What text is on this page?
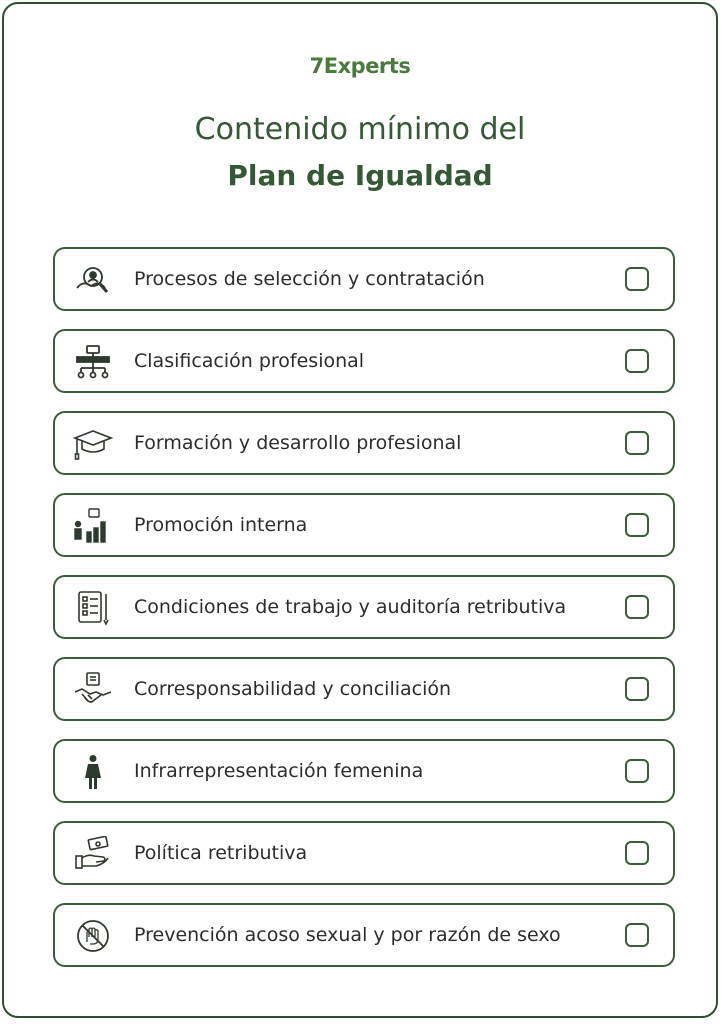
7Experts
Contenido mínimo del
Plan de Igualdad
Procesos de selección y contratación
Clasificación profesional
Formación y desarrollo profesional
Promoción interna
Condiciones de trabajo y auditoría retributiva
Corresponsabilidad y conciliación
Infrarrepresentación femenina
Política retributiva
Prevención acoso sexual y por razón de sexo
